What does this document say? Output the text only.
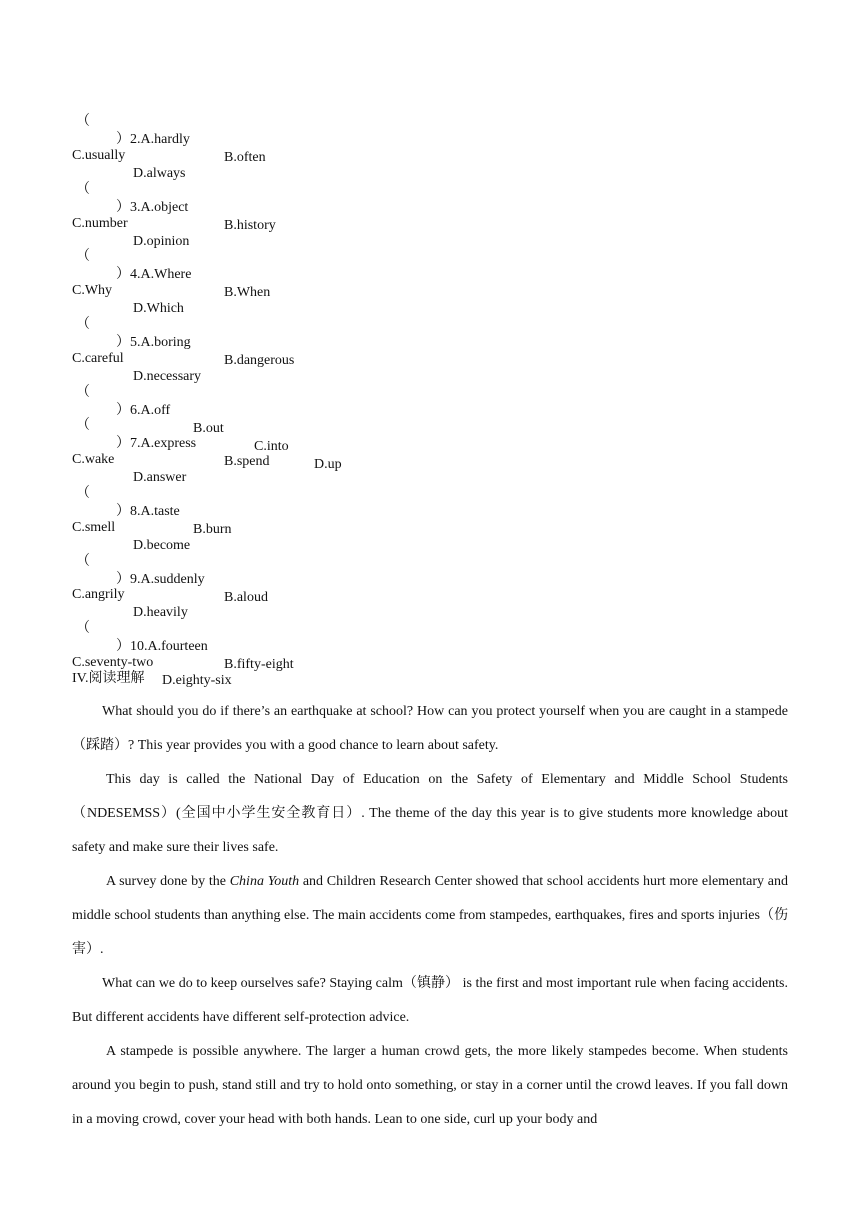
（

）2.A.hardly

B.often

C.usually

D.always

（

）3.A.object

B.history

C.number

D.opinion

（

）4.A.Where

B.When

C.Why

D.Which

（

）5.A.boring

B.dangerous

C.careful

D.necessary

（

）6.A.off

B.out

C.into

D.up

（

）7.A.express

B.spend

C.wake

D.answer

（

）8.A.taste

B.burn

C.smell

D.become

（

）9.A.suddenly

B.aloud

C.angrily

D.heavily

（

）10.A.fourteen

B.fifty-eight

C.seventy-two

D.eighty-six

IV.阅读理解

What should you do if there’s an earthquake at school? How can you protect yourself when you are caught in a stampede（踩踏）? This year provides you with a good chance to learn about safety.

This day is called the National Day of Education on the Safety of Elementary and Middle School Students（NDESEMSS）(全国中小学生安全教育日）. The theme of the day this year is to give students more knowledge about safety and make sure their lives safe.

A survey done by the China Youth and Children Research Center showed that school accidents hurt more elementary and middle school students than anything else. The main accidents come from stampedes, earthquakes, fires and sports injuries（伤害）.

What can we do to keep ourselves safe? Staying calm（镇静） is the first and most important rule when facing accidents. But different accidents have different self-protection advice.

A stampede is possible anywhere. The larger a human crowd gets, the more likely stampedes become. When students around you begin to push, stand still and try to hold onto something, or stay in a corner until the crowd leaves. If you fall down in a moving crowd, cover your head with both hands. Lean to one side, curl up your body and
